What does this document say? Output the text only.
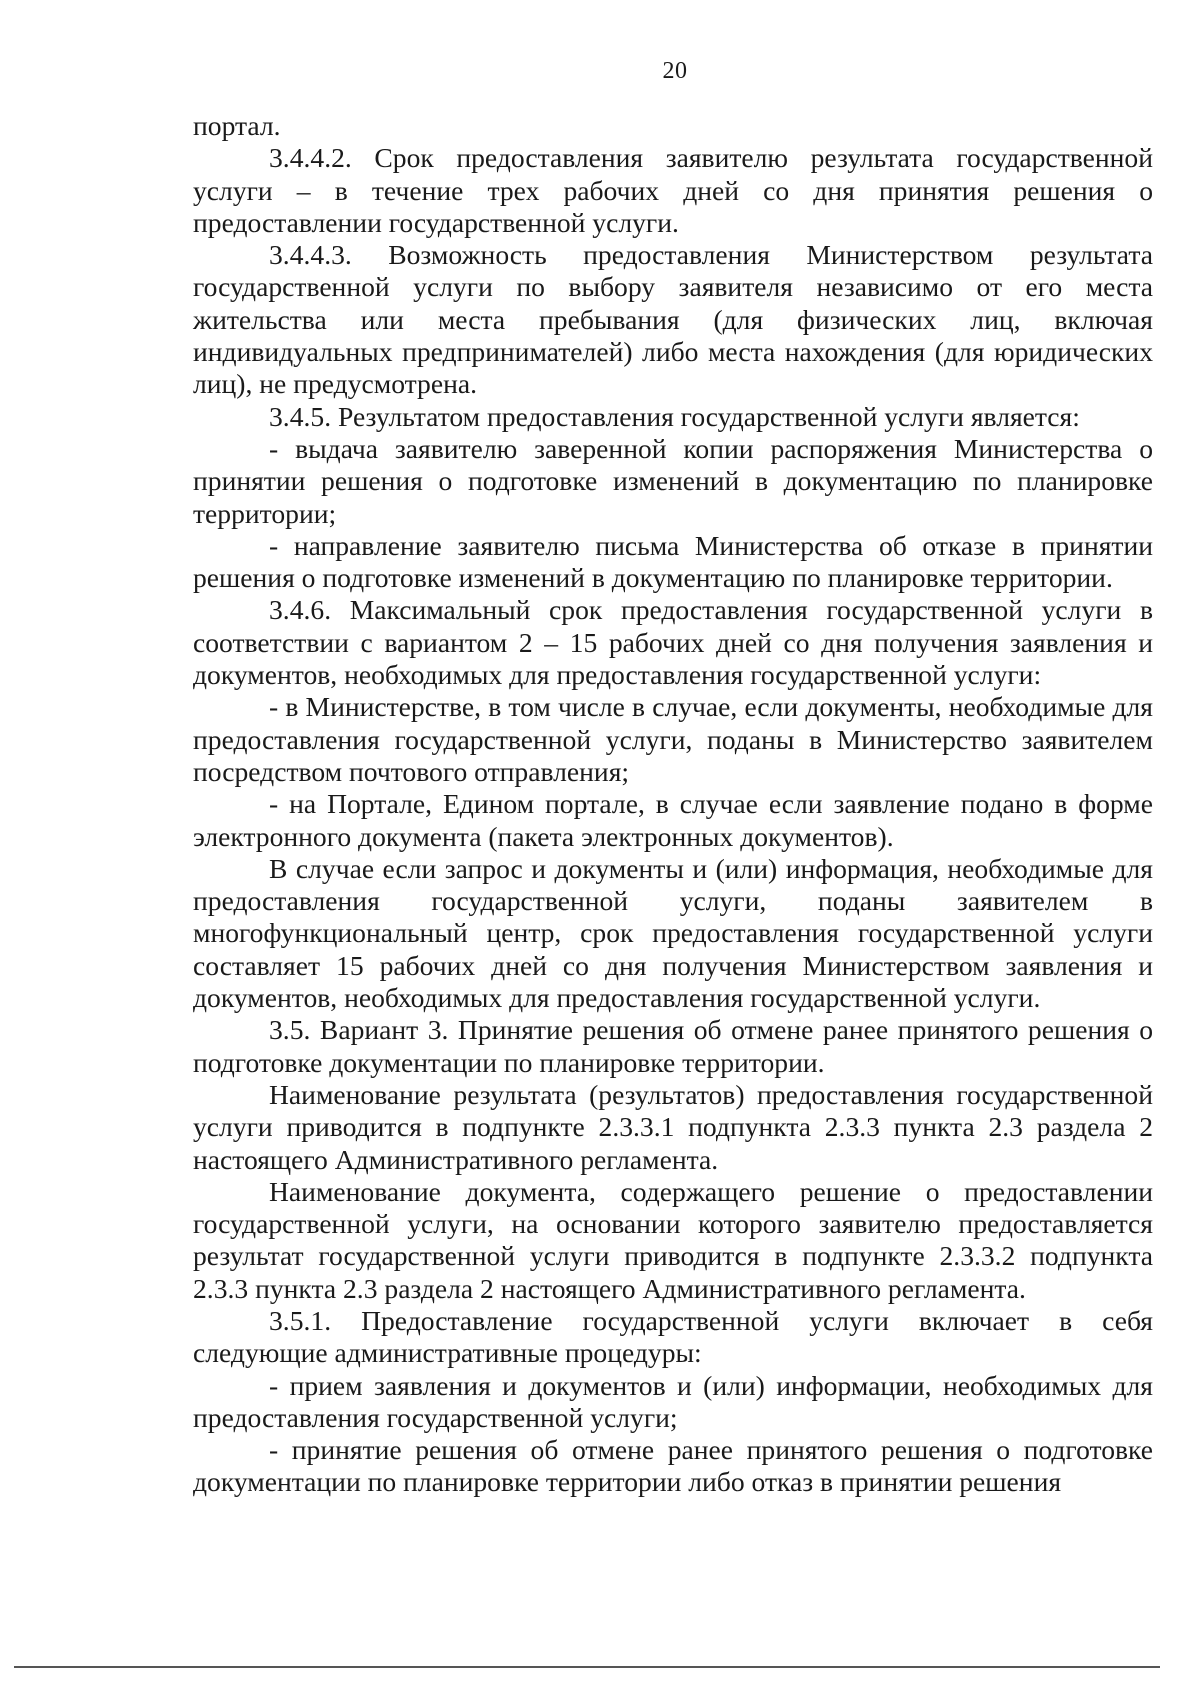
20

портал.

3.4.4.2. Срок предоставления заявителю результата государственной услуги – в течение трех рабочих дней со дня принятия решения о предоставлении государственной услуги.

3.4.4.3. Возможность предоставления Министерством результата государственной услуги по выбору заявителя независимо от его места жительства или места пребывания (для физических лиц, включая индивидуальных предпринимателей) либо места нахождения (для юридических лиц), не предусмотрена.

3.4.5. Результатом предоставления государственной услуги является:

- выдача заявителю заверенной копии распоряжения Министерства о принятии решения о подготовке изменений в документацию по планировке территории;

- направление заявителю письма Министерства об отказе в принятии решения о подготовке изменений в документацию по планировке территории.

3.4.6. Максимальный срок предоставления государственной услуги в соответствии с вариантом 2 – 15 рабочих дней со дня получения заявления и документов, необходимых для предоставления государственной услуги:

- в Министерстве, в том числе в случае, если документы, необходимые для предоставления государственной услуги, поданы в Министерство заявителем посредством почтового отправления;

- на Портале, Едином портале, в случае если заявление подано в форме электронного документа (пакета электронных документов).

В случае если запрос и документы и (или) информация, необходимые для предоставления государственной услуги, поданы заявителем в многофункциональный центр, срок предоставления государственной услуги составляет 15 рабочих дней со дня получения Министерством заявления и документов, необходимых для предоставления государственной услуги.

3.5. Вариант 3. Принятие решения об отмене ранее принятого решения о подготовке документации по планировке территории.

Наименование результата (результатов) предоставления государственной услуги приводится в подпункте 2.3.3.1 подпункта 2.3.3 пункта 2.3 раздела 2 настоящего Административного регламента.

Наименование документа, содержащего решение о предоставлении государственной услуги, на основании которого заявителю предоставляется результат государственной услуги приводится в подпункте 2.3.3.2 подпункта 2.3.3 пункта 2.3 раздела 2 настоящего Административного регламента.

3.5.1. Предоставление государственной услуги включает в себя следующие административные процедуры:

- прием заявления и документов и (или) информации, необходимых для предоставления государственной услуги;

- принятие решения об отмене ранее принятого решения о подготовке документации по планировке территории либо отказ в принятии решения
